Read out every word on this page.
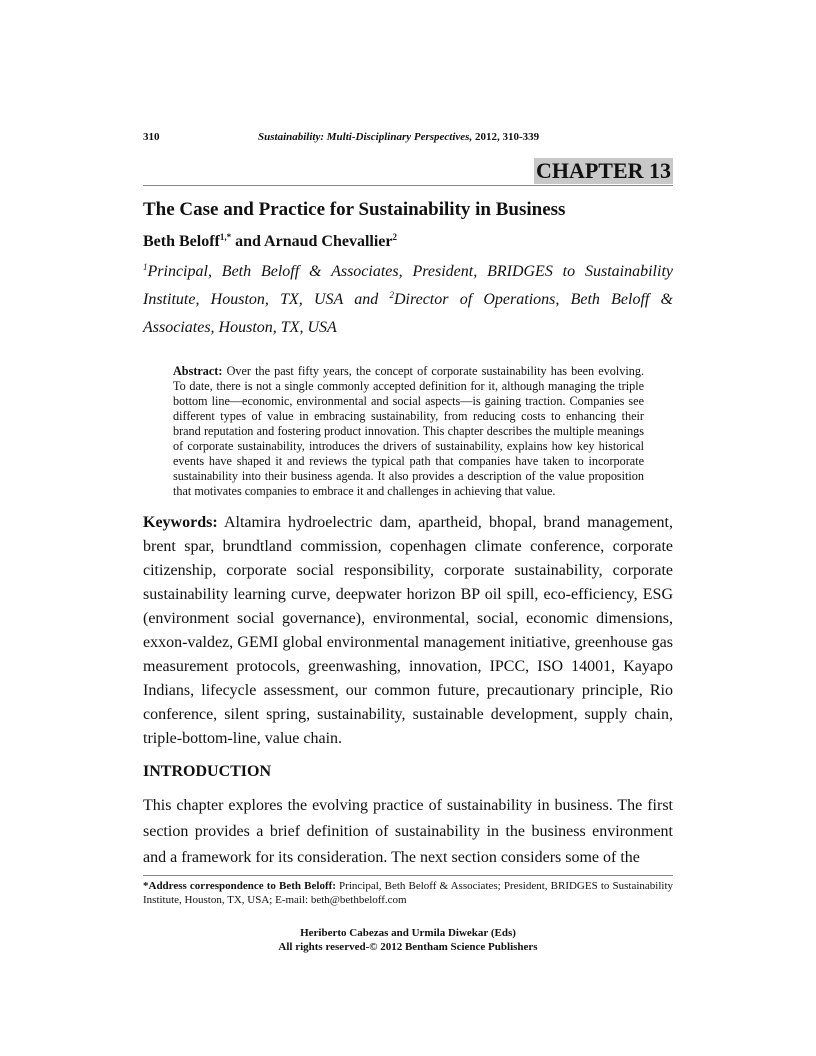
310	Sustainability: Multi-Disciplinary Perspectives, 2012, 310-339
CHAPTER 13
The Case and Practice for Sustainability in Business
Beth Beloff$^{1,*}$ and Arnaud Chevallier$^2$
$^1$Principal, Beth Beloff & Associates, President, BRIDGES to Sustainability Institute, Houston, TX, USA and $^2$Director of Operations, Beth Beloff & Associates, Houston, TX, USA
Abstract: Over the past fifty years, the concept of corporate sustainability has been evolving. To date, there is not a single commonly accepted definition for it, although managing the triple bottom line—economic, environmental and social aspects—is gaining traction. Companies see different types of value in embracing sustainability, from reducing costs to enhancing their brand reputation and fostering product innovation. This chapter describes the multiple meanings of corporate sustainability, introduces the drivers of sustainability, explains how key historical events have shaped it and reviews the typical path that companies have taken to incorporate sustainability into their business agenda. It also provides a description of the value proposition that motivates companies to embrace it and challenges in achieving that value.
Keywords: Altamira hydroelectric dam, apartheid, bhopal, brand management, brent spar, brundtland commission, copenhagen climate conference, corporate citizenship, corporate social responsibility, corporate sustainability, corporate sustainability learning curve, deepwater horizon BP oil spill, eco-efficiency, ESG (environment social governance), environmental, social, economic dimensions, exxon-valdez, GEMI global environmental management initiative, greenhouse gas measurement protocols, greenwashing, innovation, IPCC, ISO 14001, Kayapo Indians, lifecycle assessment, our common future, precautionary principle, Rio conference, silent spring, sustainability, sustainable development, supply chain, triple-bottom-line, value chain.
INTRODUCTION
This chapter explores the evolving practice of sustainability in business. The first section provides a brief definition of sustainability in the business environment and a framework for its consideration. The next section considers some of the
*Address correspondence to Beth Beloff: Principal, Beth Beloff & Associates; President, BRIDGES to Sustainability Institute, Houston, TX, USA; E-mail: beth@bethbeloff.com
Heriberto Cabezas and Urmila Diwekar (Eds)
All rights reserved-© 2012 Bentham Science Publishers
